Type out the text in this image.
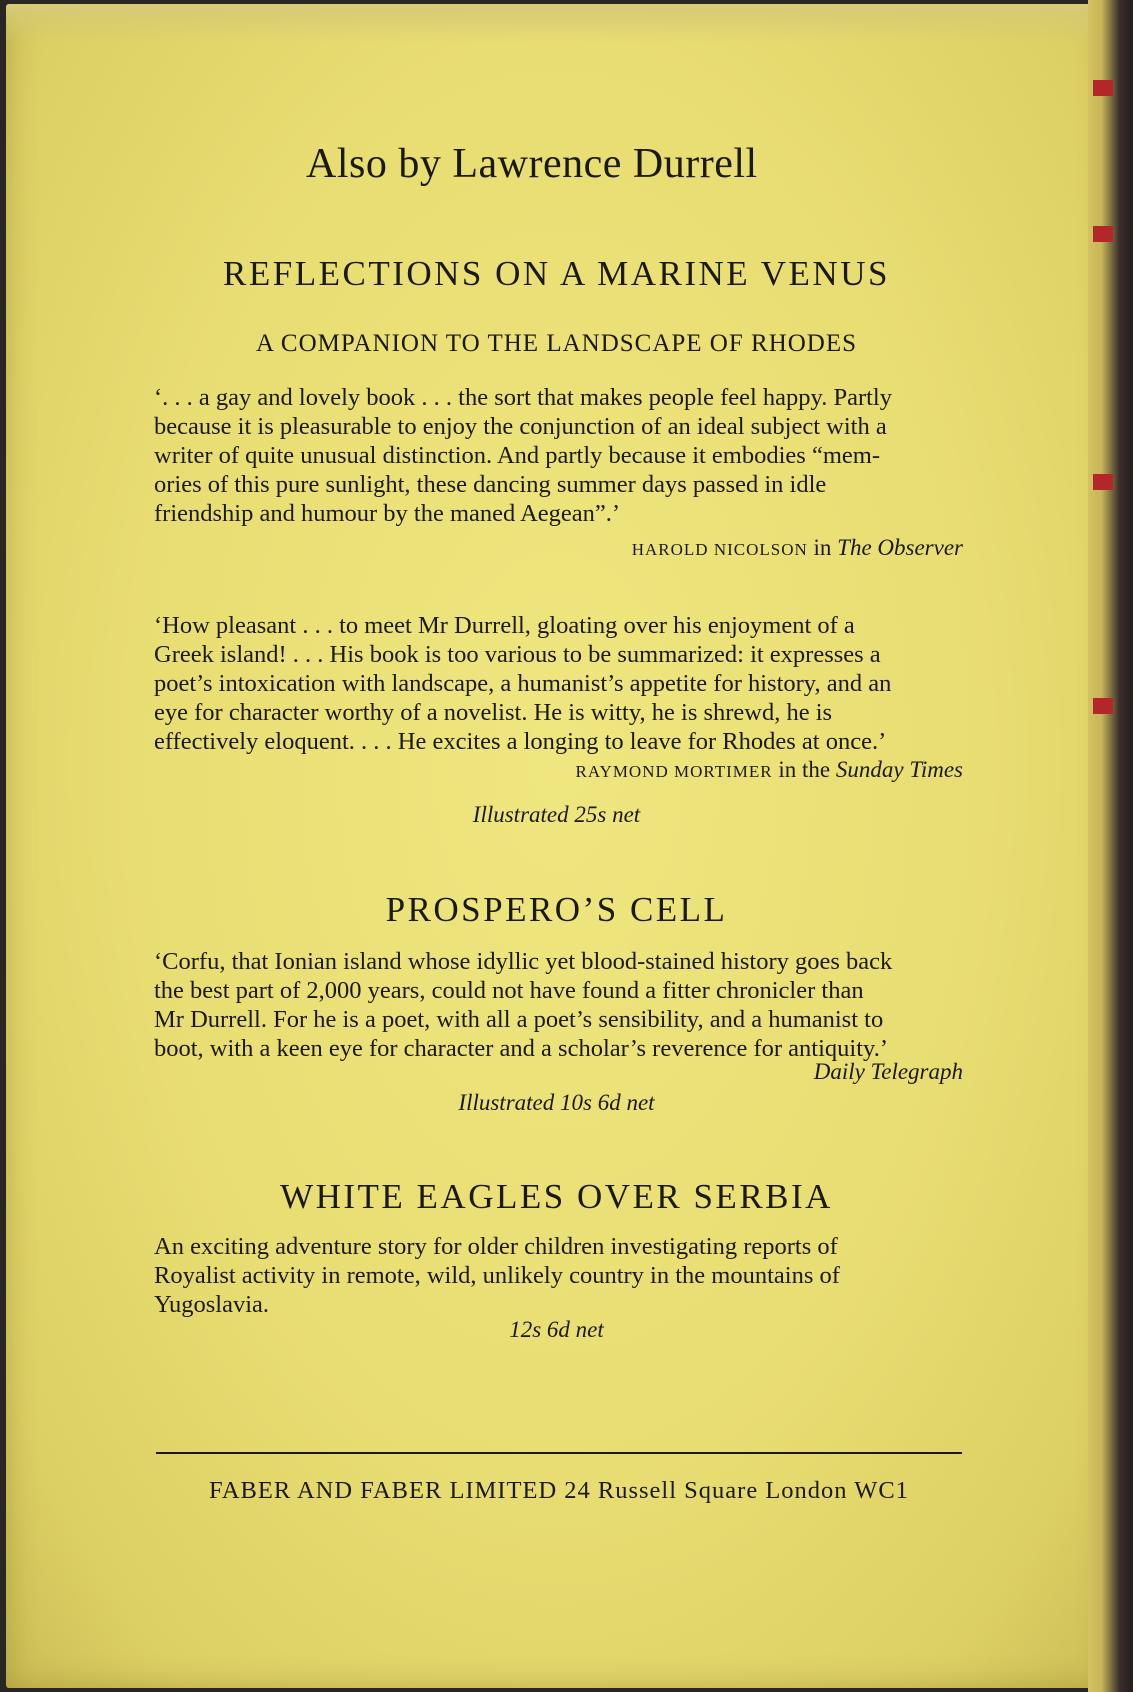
Also by Lawrence Durrell
REFLECTIONS ON A MARINE VENUS
A COMPANION TO THE LANDSCAPE OF RHODES
‘. . . a gay and lovely book . . . the sort that makes people feel happy. Partly
because it is pleasurable to enjoy the conjunction of an ideal subject with a
writer of quite unusual distinction. And partly because it embodies “mem-
ories of this pure sunlight, these dancing summer days passed in idle
friendship and humour by the maned Aegean”.’
HAROLD NICOLSON in The Observer
‘How pleasant . . . to meet Mr Durrell, gloating over his enjoyment of a
Greek island! . . . His book is too various to be summarized: it expresses a
poet’s intoxication with landscape, a humanist’s appetite for history, and an
eye for character worthy of a novelist. He is witty, he is shrewd, he is
effectively eloquent. . . . He excites a longing to leave for Rhodes at once.’
RAYMOND MORTIMER in the Sunday Times
Illustrated 25s net
PROSPERO’S CELL
‘Corfu, that Ionian island whose idyllic yet blood-stained history goes back
the best part of 2,000 years, could not have found a fitter chronicler than
Mr Durrell. For he is a poet, with all a poet’s sensibility, and a humanist to
boot, with a keen eye for character and a scholar’s reverence for antiquity.’
Daily Telegraph
Illustrated 10s 6d net
WHITE EAGLES OVER SERBIA
An exciting adventure story for older children investigating reports of
Royalist activity in remote, wild, unlikely country in the mountains of
Yugoslavia.
12s 6d net
FABER AND FABER LIMITED 24 Russell Square London WC1
